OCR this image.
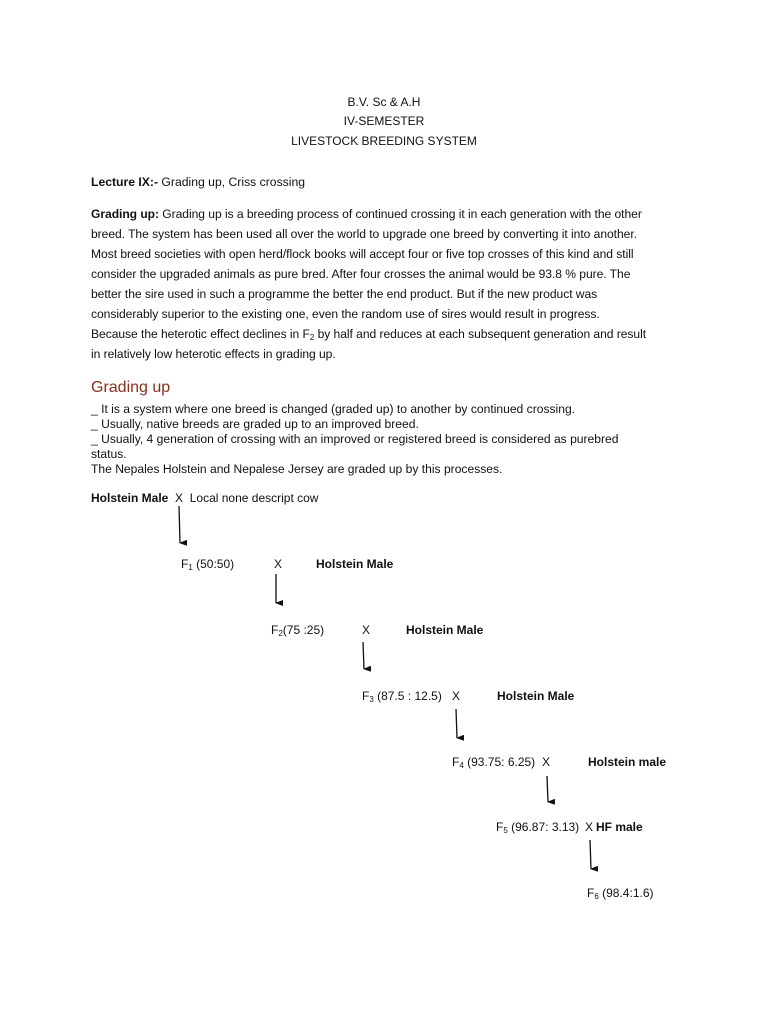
B.V. Sc & A.H
IV-SEMESTER
LIVESTOCK BREEDING SYSTEM
Lecture IX:- Grading up, Criss crossing
Grading up: Grading up is a breeding process of continued crossing it in each generation with the other
breed. The system has been used all over the world to upgrade one breed by converting it into another.
Most breed societies with open herd/flock books will accept four or five top crosses of this kind and still
consider the upgraded animals as pure bred. After four crosses the animal would be 93.8 % pure. The
better the sire used in such a programme the better the end product. But if the new product was
considerably superior to the existing one, even the random use of sires would result in progress.
Because the heterotic effect declines in $F_2$ by half and reduces at each subsequent generation and result
in relatively low heterotic effects in grading up.
Grading up
_ It is a system where one breed is changed (graded up) to another by continued crossing.
_ Usually, native breeds are graded up to an improved breed.
_ Usually, 4 generation of crossing with an improved or registered breed is considered as purebred
status.
The Nepales Holstein and Nepalese Jersey are graded up by this processes.
Holstein Male X Local none descript cow
$F_1$ (50:50)	X	Holstein Male
$F_2(75$ :25)	X	Holstein Male
$F_3$ (87.5 : 12.5) X	Holstein Male
$F_4$ (93.75: 6.25) X	Holstein male
$F_5$ (96.87: 3.13) X HF male
$F_6$ (98.4:1.6)
